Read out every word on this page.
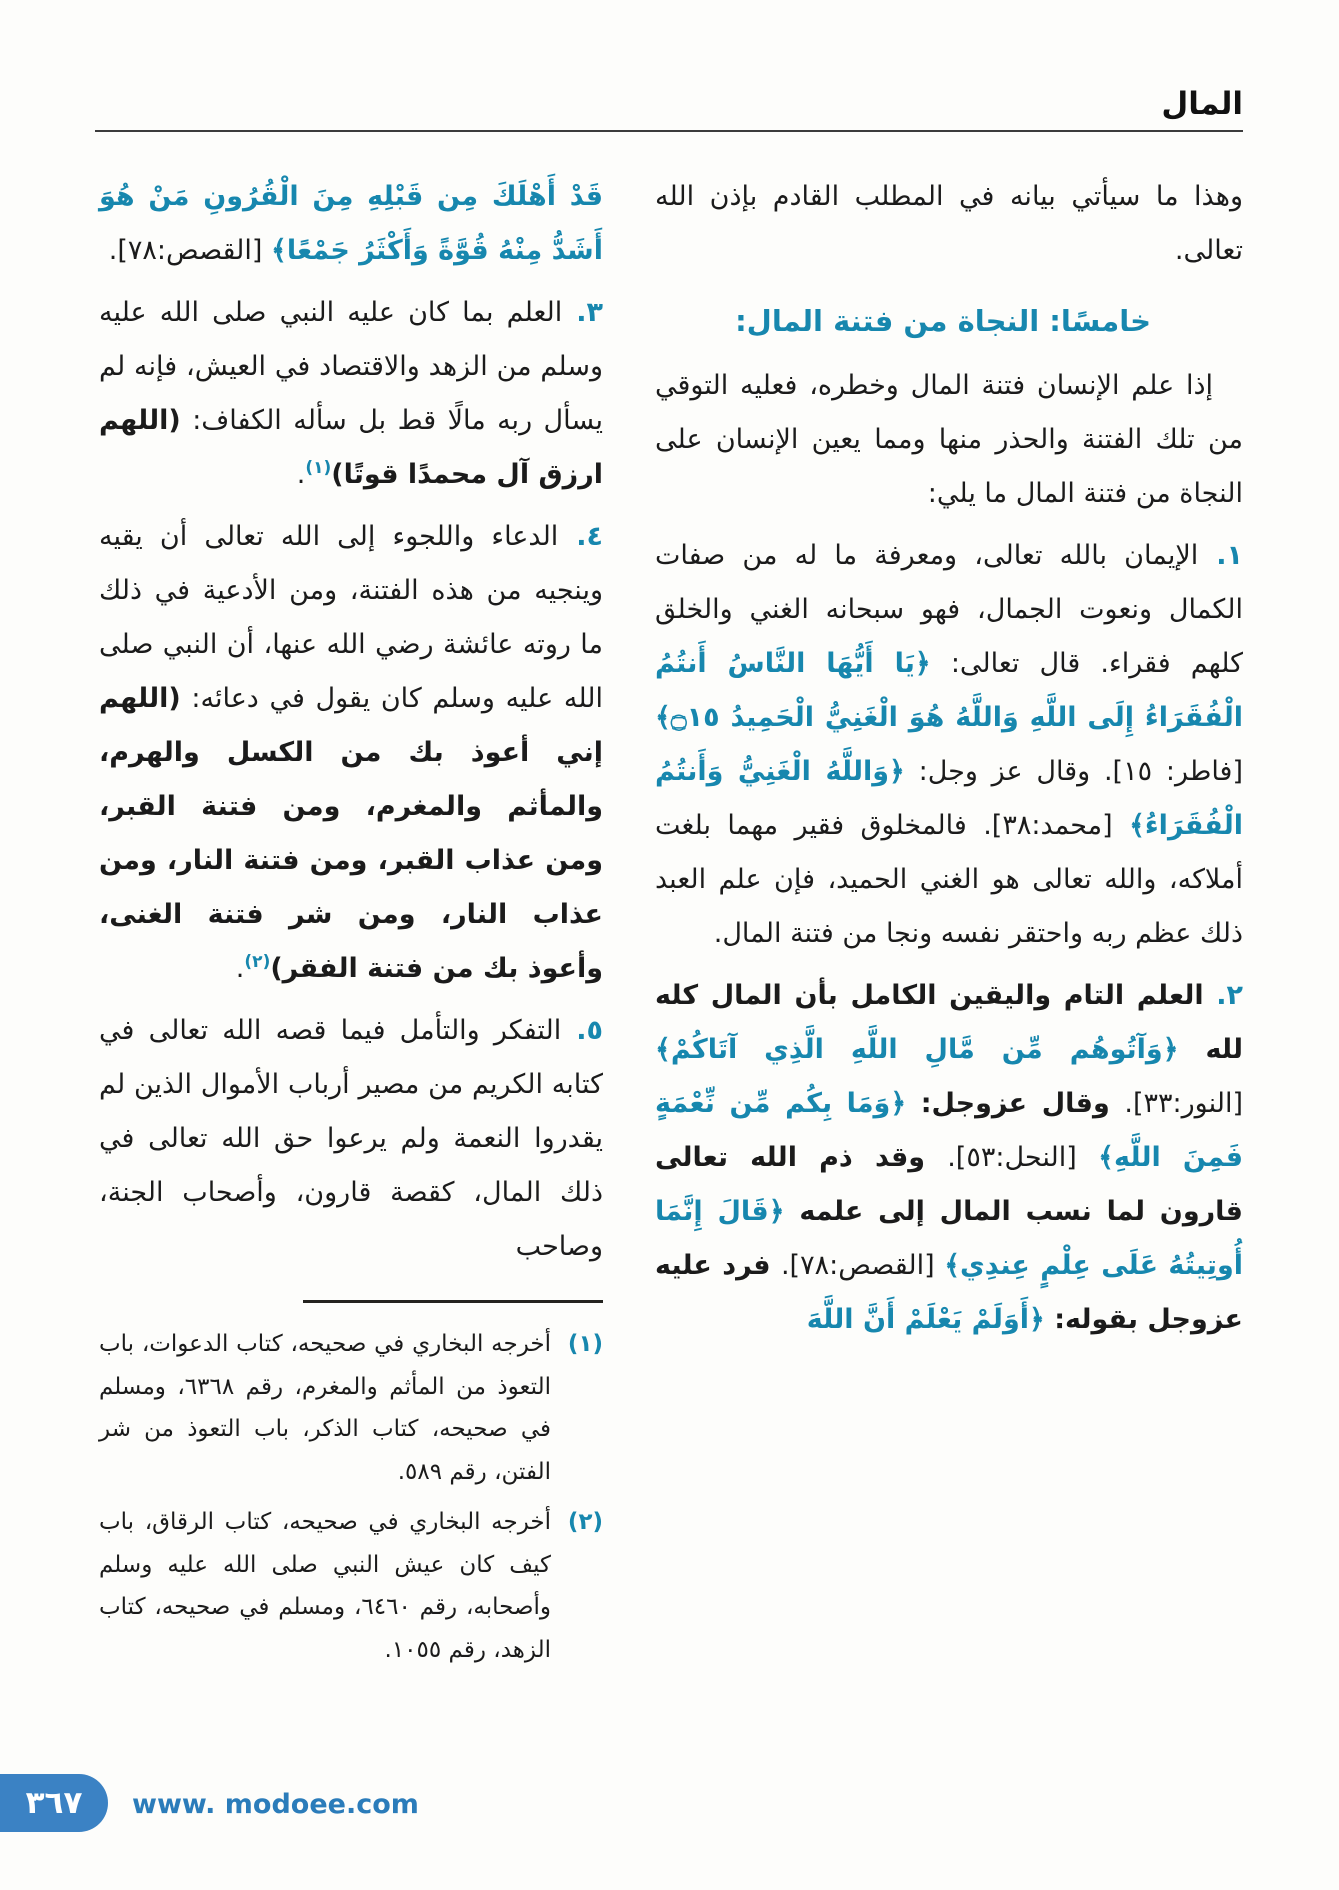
المال

وهذا ما سيأتي بيانه في المطلب القادم بإذن الله تعالى.

خامسًا: النجاة من فتنة المال:

إذا علم الإنسان فتنة المال وخطره، فعليه التوقي من تلك الفتنة والحذر منها ومما يعين الإنسان على النجاة من فتنة المال ما يلي:

١. الإيمان بالله تعالى، ومعرفة ما له من صفات الكمال ونعوت الجمال، فهو سبحانه الغني والخلق كلهم فقراء. قال تعالى: ﴿يَا أَيُّهَا النَّاسُ أَنتُمُ الْفُقَرَاءُ إِلَى اللَّهِ وَاللَّهُ هُوَ الْغَنِيُّ الْحَمِيدُ ۝١٥﴾ [فاطر: ١٥]. وقال عز وجل: ﴿وَاللَّهُ الْغَنِيُّ وَأَنتُمُ الْفُقَرَاءُ﴾ [محمد:٣٨]. فالمخلوق فقير مهما بلغت أملاكه، والله تعالى هو الغني الحميد، فإن علم العبد ذلك عظم ربه واحتقر نفسه ونجا من فتنة المال.

٢. العلم التام واليقين الكامل بأن المال كله لله ﴿وَآتُوهُم مِّن مَّالِ اللَّهِ الَّذِي آتَاكُمْ﴾ [النور:٣٣]. وقال عزوجل: ﴿وَمَا بِكُم مِّن نِّعْمَةٍ فَمِنَ اللَّهِ﴾ [النحل:٥٣]. وقد ذم الله تعالى قارون لما نسب المال إلى علمه ﴿قَالَ إِنَّمَا أُوتِيتُهُ عَلَى عِلْمٍ عِندِي﴾ [القصص:٧٨]. فرد عليه عزوجل بقوله: ﴿أَوَلَمْ يَعْلَمْ أَنَّ اللَّهَ

قَدْ أَهْلَكَ مِن قَبْلِهِ مِنَ الْقُرُونِ مَنْ هُوَ أَشَدُّ مِنْهُ قُوَّةً وَأَكْثَرُ جَمْعًا﴾ [القصص:٧٨].

٣. العلم بما كان عليه النبي صلى الله عليه وسلم من الزهد والاقتصاد في العيش، فإنه لم يسأل ربه مالًا قط بل سأله الكفاف: (اللهم ارزق آل محمدًا قوتًا)$^{(١)}$.

٤. الدعاء واللجوء إلى الله تعالى أن يقيه وينجيه من هذه الفتنة، ومن الأدعية في ذلك ما روته عائشة رضي الله عنها، أن النبي صلى الله عليه وسلم كان يقول في دعائه: (اللهم إني أعوذ بك من الكسل والهرم، والمأثم والمغرم، ومن فتنة القبر، ومن عذاب القبر، ومن فتنة النار، ومن عذاب النار، ومن شر فتنة الغنى، وأعوذ بك من فتنة الفقر)$^{(٢)}$.

٥. التفكر والتأمل فيما قصه الله تعالى في كتابه الكريم من مصير أرباب الأموال الذين لم يقدروا النعمة ولم يرعوا حق الله تعالى في ذلك المال، كقصة قارون، وأصحاب الجنة، وصاحب

(١)
أخرجه البخاري في صحيحه، كتاب الدعوات، باب التعوذ من المأثم والمغرم، رقم ٦٣٦٨، ومسلم في صحيحه، كتاب الذكر، باب التعوذ من شر الفتن، رقم ٥٨٩.
(٢)
أخرجه البخاري في صحيحه، كتاب الرقاق، باب كيف كان عيش النبي صلى الله عليه وسلم وأصحابه، رقم ٦٤٦٠، ومسلم في صحيحه، كتاب الزهد، رقم ١٠٥٥.
٣٦٧ www. modoee.com
